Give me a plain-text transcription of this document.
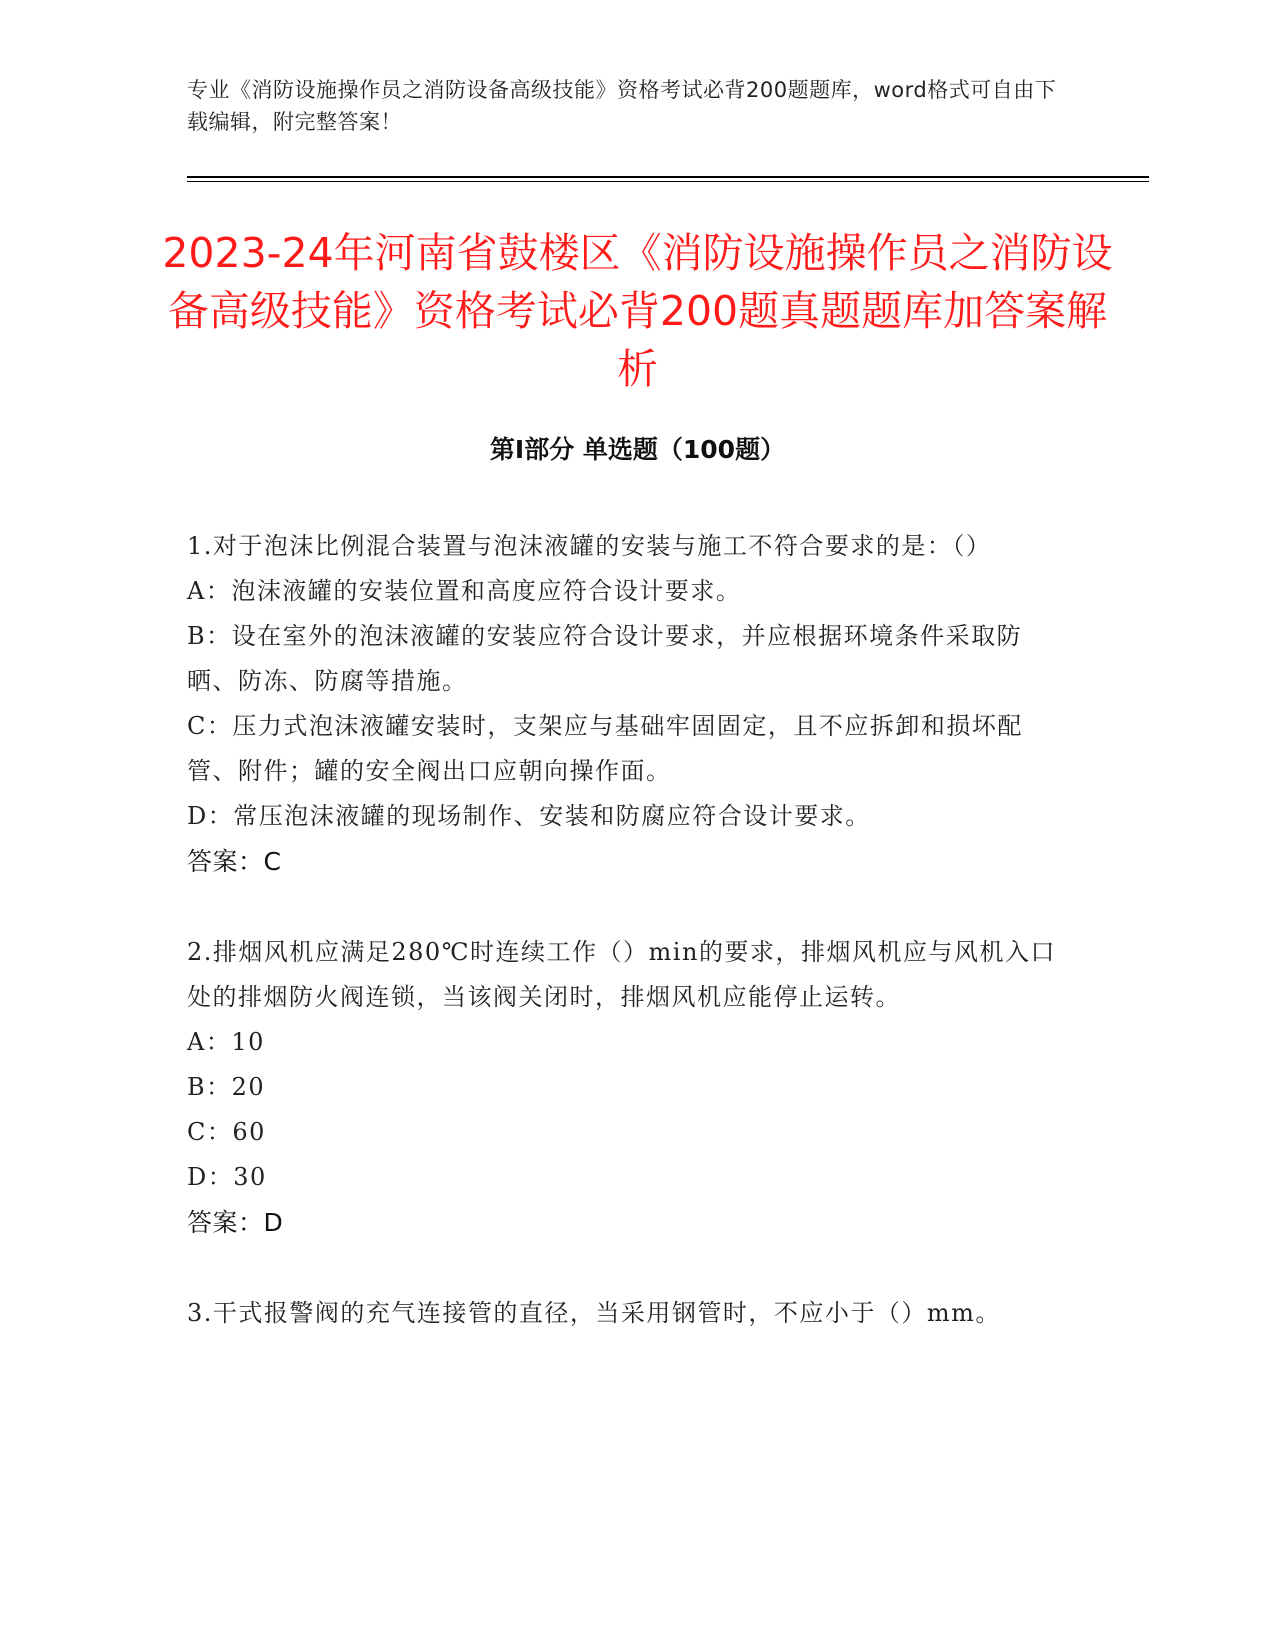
专业《消防设施操作员之消防设备高级技能》资格考试必背200题题库，word格式可自由下载编辑，附完整答案！
2023-24年河南省鼓楼区《消防设施操作员之消防设备高级技能》资格考试必背200题真题题库加答案解析
第Ⅰ部分 单选题（100题）

1.对于泡沫比例混合装置与泡沫液罐的安装与施工不符合要求的是：（）

A：泡沫液罐的安装位置和高度应符合设计要求。

B：设在室外的泡沫液罐的安装应符合设计要求，并应根据环境条件采取防晒、防冻、防腐等措施。

C：压力式泡沫液罐安装时，支架应与基础牢固固定，且不应拆卸和损坏配管、附件；罐的安全阀出口应朝向操作面。

D：常压泡沫液罐的现场制作、安装和防腐应符合设计要求。

答案：C

2.排烟风机应满足280℃时连续工作（）min的要求，排烟风机应与风机入口处的排烟防火阀连锁，当该阀关闭时，排烟风机应能停止运转。

A：10

B：20

C：60

D：30

答案：D

3.干式报警阀的充气连接管的直径，当采用钢管时，不应小于（）mm。
